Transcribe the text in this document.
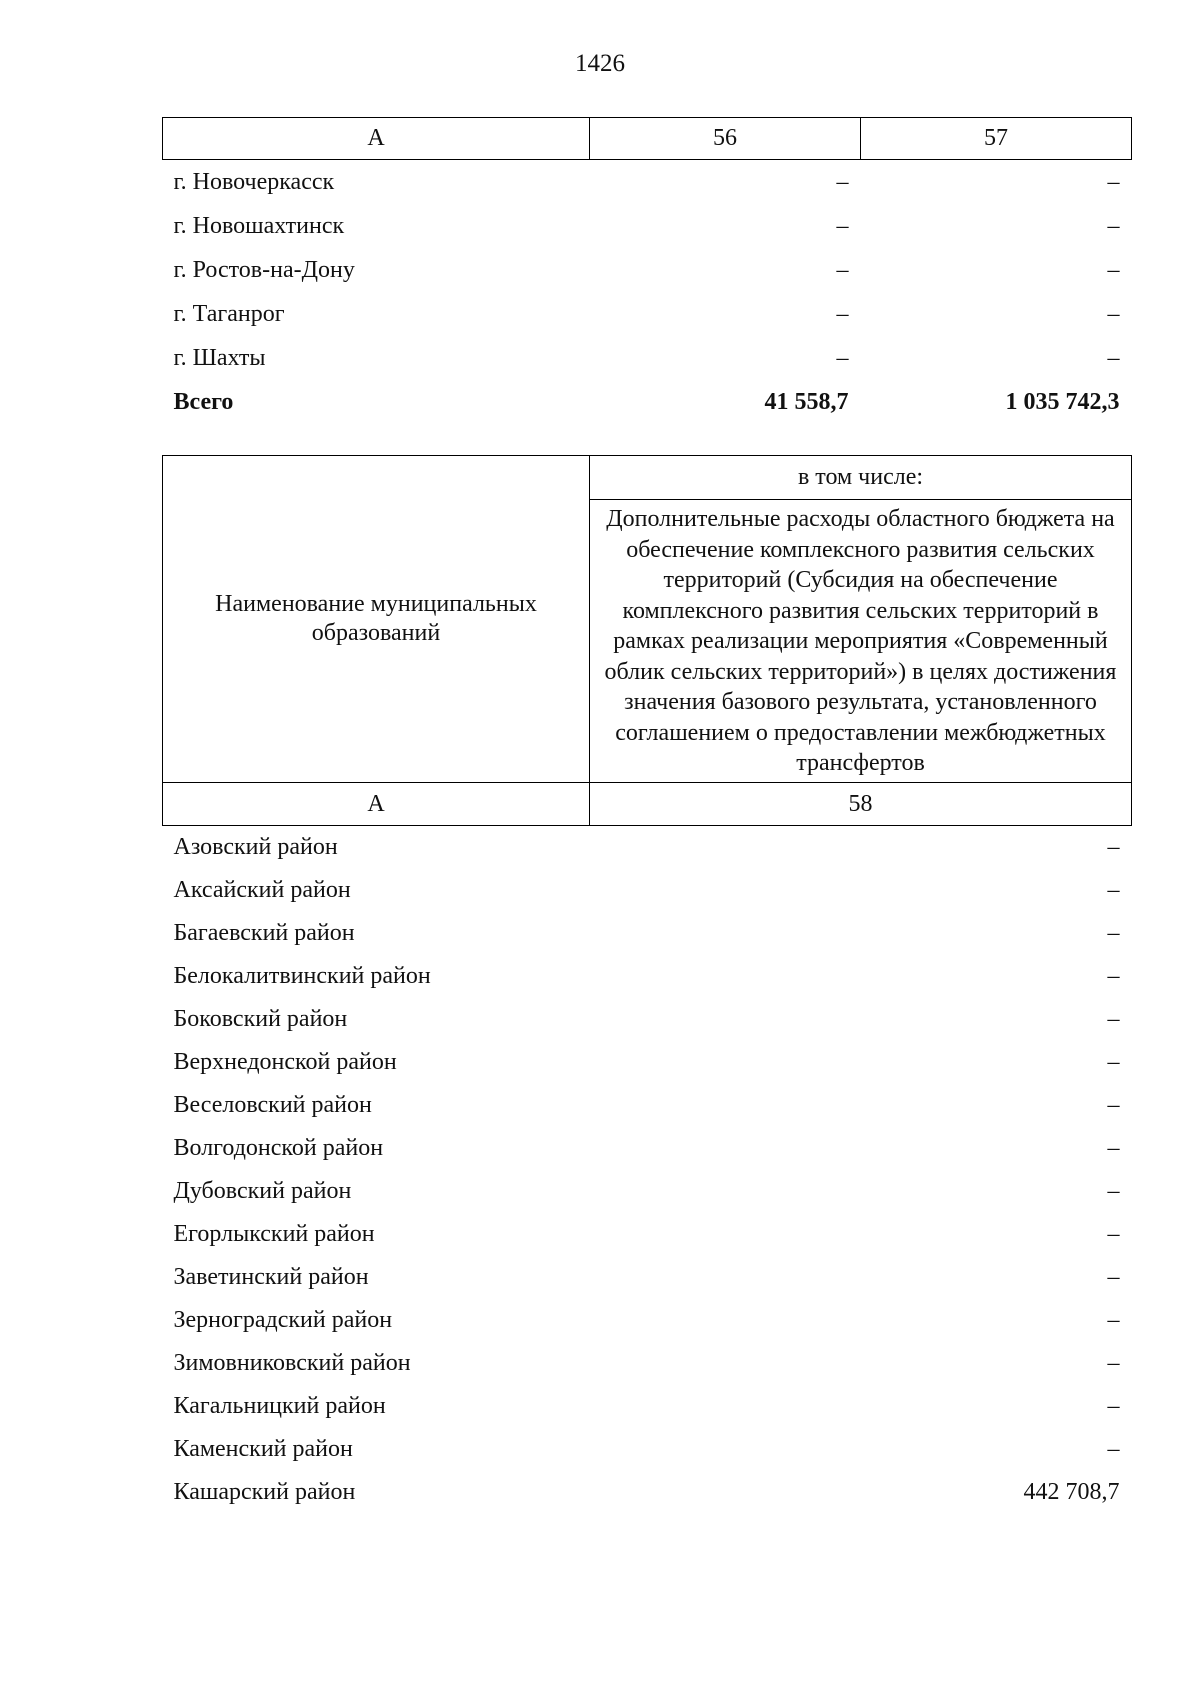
1426
А	56	57
г. Новочеркасск	–	–
г. Новошахтинск	–	–
г. Ростов-на-Дону	–	–
г. Таганрог	–	–
г. Шахты	–	–
Всего	41 558,7	1 035 742,3
Наименование муниципальных образований	в том числе:
	Дополнительные расходы областного бюджета на обеспечение комплексного развития сельских территорий (Субсидия на обеспечение комплексного развития сельских территорий в рамках реализации мероприятия «Современный облик сельских территорий») в целях достижения значения базового результата, установленного соглашением о предоставлении межбюджетных трансфертов
А	58
Азовский район	–
Аксайский район	–
Багаевский район	–
Белокалитвинский район	–
Боковский район	–
Верхнедонской район	–
Веселовский район	–
Волгодонской район	–
Дубовский район	–
Егорлыкский район	–
Заветинский район	–
Зерноградский район	–
Зимовниковский район	–
Кагальницкий район	–
Каменский район	–
Кашарский район	442 708,7
